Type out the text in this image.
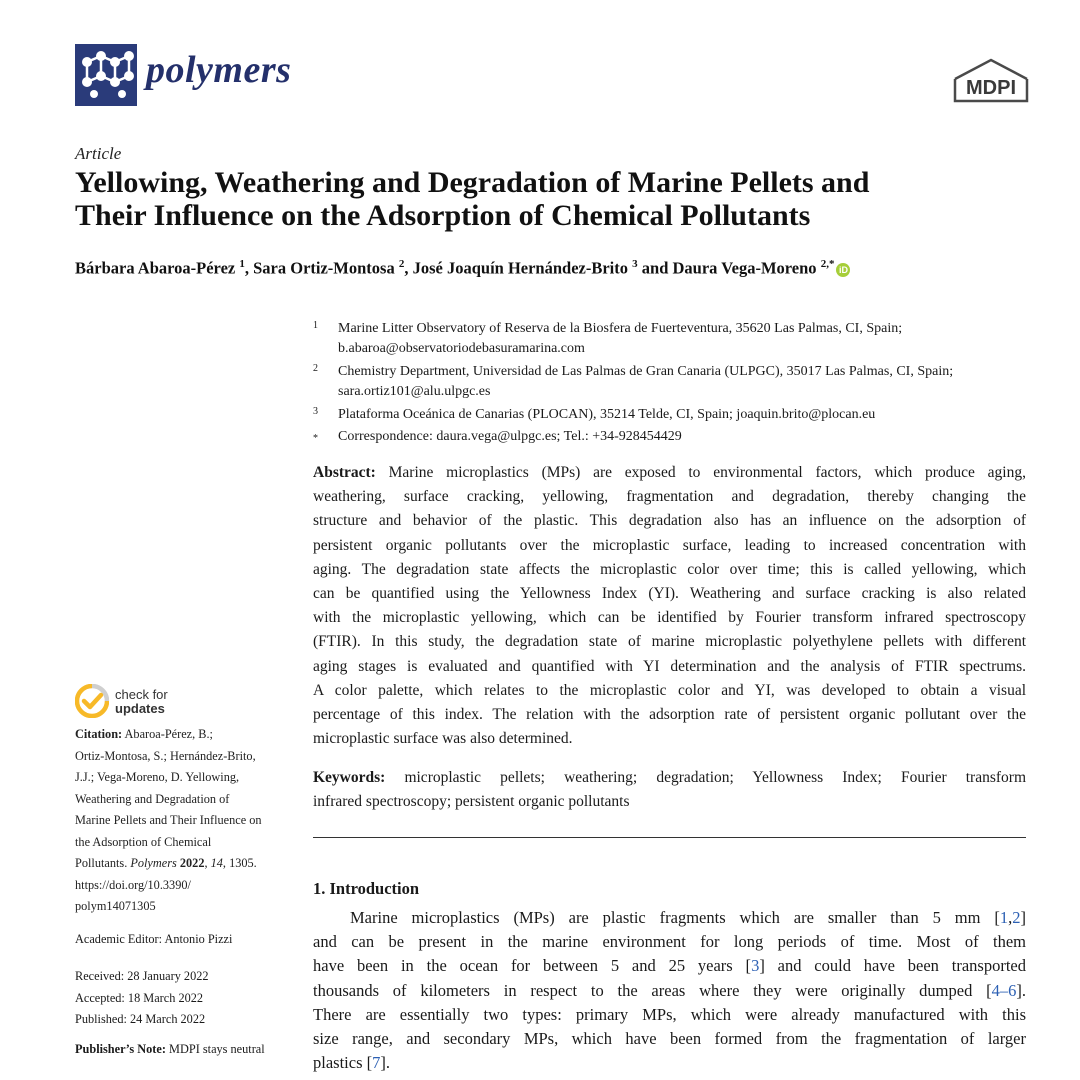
polymers	MDPI
Article
Yellowing, Weathering and Degradation of Marine Pellets and
Their Influence on the Adsorption of Chemical Pollutants
Bárbara Abaroa-Pérez $^1$, Sara Ortiz-Montosa $^2$, José Joaquín Hernández-Brito $^3$ and Daura Vega-Moreno $^{2,*}$ iD
1 Marine Litter Observatory of Reserva de la Biosfera de Fuerteventura, 35620 Las Palmas, CI, Spain;
b.abaroa@observatoriodebasuramarina.com
2 Chemistry Department, Universidad de Las Palmas de Gran Canaria (ULPGC), 35017 Las Palmas, CI, Spain;
sara.ortiz101@alu.ulpgc.es
3 Plataforma Oceánica de Canarias (PLOCAN), 35214 Telde, CI, Spain; joaquin.brito@plocan.eu
* Correspondence: daura.vega@ulpgc.es; Tel.: +34-928454429
Abstract: Marine microplastics (MPs) are exposed to environmental factors, which produce aging,
weathering, surface cracking, yellowing, fragmentation and degradation, thereby changing the
structure and behavior of the plastic. This degradation also has an influence on the adsorption of
persistent organic pollutants over the microplastic surface, leading to increased concentration with
aging. The degradation state affects the microplastic color over time; this is called yellowing, which
can be quantified using the Yellowness Index (YI). Weathering and surface cracking is also related
with the microplastic yellowing, which can be identified by Fourier transform infrared spectroscopy
(FTIR). In this study, the degradation state of marine microplastic polyethylene pellets with different
aging stages is evaluated and quantified with YI determination and the analysis of FTIR spectrums.
A color palette, which relates to the microplastic color and YI, was developed to obtain a visual
percentage of this index. The relation with the adsorption rate of persistent organic pollutant over the
microplastic surface was also determined.
Keywords: microplastic pellets; weathering; degradation; Yellowness Index; Fourier transform
infrared spectroscopy; persistent organic pollutants
1. Introduction
Marine microplastics (MPs) are plastic fragments which are smaller than 5 mm [1,2]
and can be present in the marine environment for long periods of time. Most of them
have been in the ocean for between 5 and 25 years [3] and could have been transported
thousands of kilometers in respect to the areas where they were originally dumped [4–6].
There are essentially two types: primary MPs, which were already manufactured with this
size range, and secondary MPs, which have been formed from the fragmentation of larger
plastics [7].
check for
updates
Citation: Abaroa-Pérez, B.;
Ortiz-Montosa, S.; Hernández-Brito,
J.J.; Vega-Moreno, D. Yellowing,
Weathering and Degradation of
Marine Pellets and Their Influence on
the Adsorption of Chemical
Pollutants. Polymers 2022, 14, 1305.
https://doi.org/10.3390/
polym14071305
Academic Editor: Antonio Pizzi
Received: 28 January 2022
Accepted: 18 March 2022
Published: 24 March 2022
Publisher’s Note: MDPI stays neutral
